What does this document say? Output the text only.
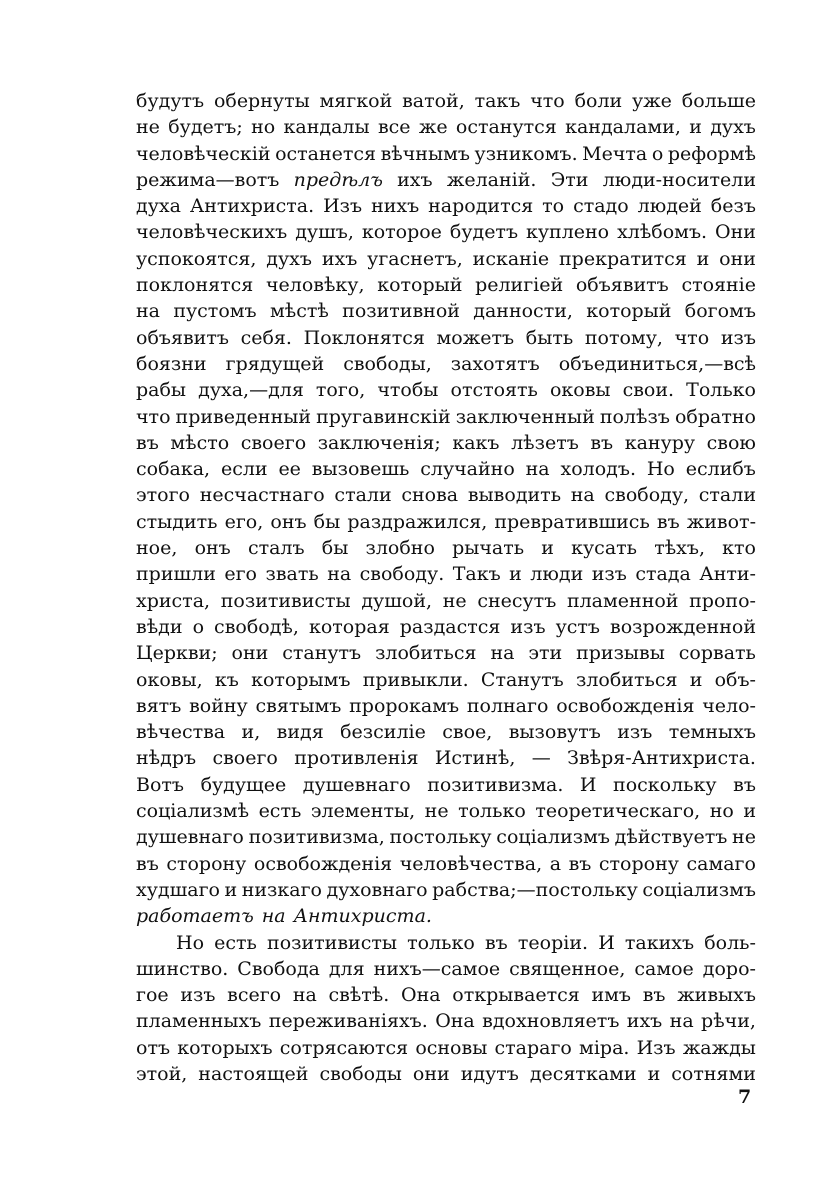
будутъ обернуты мягкой ватой, такъ что боли уже больше
не будетъ; но кандалы все же останутся кандалами, и духъ
человѣческій останется вѣчнымъ узникомъ. Мечта о реформѣ
режима—вотъ предѣлъ ихъ желаній. Эти люди-носители
духа Антихриста. Изъ нихъ народится то стадо людей безъ
человѣческихъ душъ, которое будетъ куплено хлѣбомъ. Они
успокоятся, духъ ихъ угаснетъ, исканіе прекратится и они
поклонятся человѣку, который религіей объявитъ стояніе
на пустомъ мѣстѣ позитивной данности, который богомъ
объявитъ себя. Поклонятся можетъ быть потому, что изъ
боязни грядущей свободы, захотятъ объединиться,—всѣ
рабы духа,—для того, чтобы отстоять оковы свои. Только
что приведенный пругавинскій заключенный полѣзъ обратно
въ мѣсто своего заключенія; какъ лѣзетъ въ кануру свою
собака, если ее вызовешь случайно на холодъ. Но еслибъ
этого несчастнаго стали снова выводить на свободу, стали
стыдить его, онъ бы раздражился, превратившись въ живот-
ное, онъ сталъ бы злобно рычать и кусать тѣхъ, кто
пришли его звать на свободу. Такъ и люди изъ стада Анти-
христа, позитивисты душой, не снесутъ пламенной пропо-
вѣди о свободѣ, которая раздастся изъ устъ возрожденной
Церкви; они станутъ злобиться на эти призывы сорвать
оковы, къ которымъ привыкли. Станутъ злобиться и объ-
вятъ войну святымъ пророкамъ полнаго освобожденія чело-
вѣчества и, видя безсиліе свое, вызовутъ изъ темныхъ
нѣдръ своего противленія Истинѣ, — Звѣря-Антихриста.
Вотъ будущее душевнаго позитивизма. И поскольку въ
соціализмѣ есть элементы, не только теоретическаго, но и
душевнаго позитивизма, постольку соціализмъ дѣйствуетъ не
въ сторону освобожденія человѣчества, а въ сторону самаго
худшаго и низкаго духовнаго рабства;—постольку соціализмъ
работаетъ на Антихриста.
Но есть позитивисты только въ теоріи. И такихъ боль-
шинство. Свобода для нихъ—самое священное, самое доро-
гое изъ всего на свѣтѣ. Она открывается имъ въ живыхъ
пламенныхъ переживаніяхъ. Она вдохновляетъ ихъ на рѣчи,
отъ которыхъ сотрясаются основы стараго міра. Изъ жажды
этой, настоящей свободы они идутъ десятками и сотнями
7
